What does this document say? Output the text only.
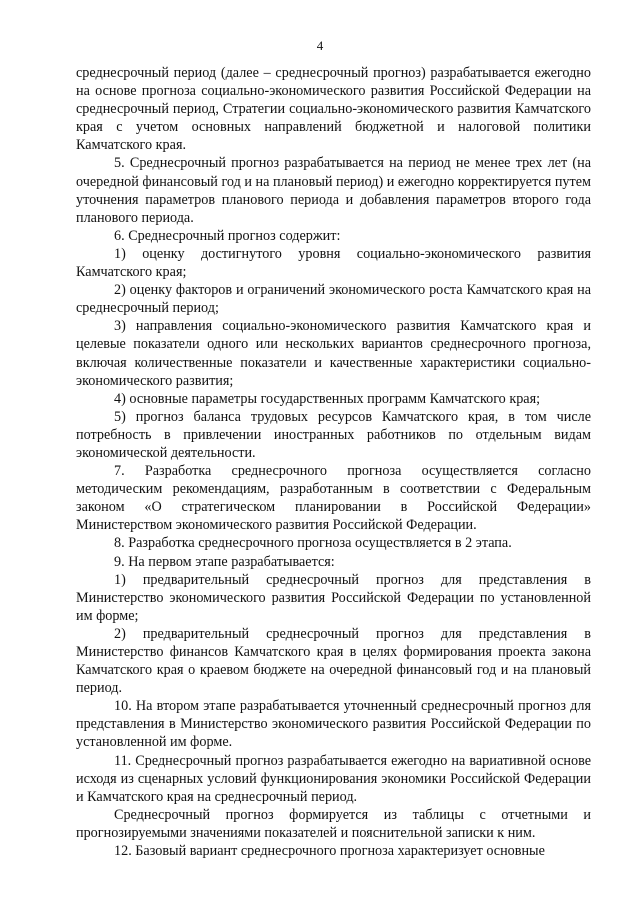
4

среднесрочный период (далее – среднесрочный прогноз) разрабатывается ежегодно на основе прогноза социально-экономического развития Российской Федерации на среднесрочный период, Стратегии социально-экономического развития Камчатского края с учетом основных направлений бюджетной и налоговой политики Камчатского края.

5. Среднесрочный прогноз разрабатывается на период не менее трех лет (на очередной финансовый год и на плановый период) и ежегодно корректируется путем уточнения параметров планового периода и добавления параметров второго года планового периода.

6. Среднесрочный прогноз содержит:

1) оценку достигнутого уровня социально-экономического развития Камчатского края;

2) оценку факторов и ограничений экономического роста Камчатского края на среднесрочный период;

3) направления социально-экономического развития Камчатского края и целевые показатели одного или нескольких вариантов среднесрочного прогноза, включая количественные показатели и качественные характеристики социально-экономического развития;

4) основные параметры государственных программ Камчатского края;

5) прогноз баланса трудовых ресурсов Камчатского края, в том числе потребность в привлечении иностранных работников по отдельным видам экономической деятельности.

7. Разработка среднесрочного прогноза осуществляется согласно методическим рекомендациям, разработанным в соответствии с Федеральным законом «О стратегическом планировании в Российской Федерации» Министерством экономического развития Российской Федерации.

8. Разработка среднесрочного прогноза осуществляется в 2 этапа.

9. На первом этапе разрабатывается:

1) предварительный среднесрочный прогноз для представления в Министерство экономического развития Российской Федерации по установленной им форме;

2) предварительный среднесрочный прогноз для представления в Министерство финансов Камчатского края в целях формирования проекта закона Камчатского края о краевом бюджете на очередной финансовый год и на плановый период.

10. На втором этапе разрабатывается уточненный среднесрочный прогноз для представления в Министерство экономического развития Российской Федерации по установленной им форме.

11. Среднесрочный прогноз разрабатывается ежегодно на вариативной основе исходя из сценарных условий функционирования экономики Российской Федерации и Камчатского края на среднесрочный период.

Среднесрочный прогноз формируется из таблицы с отчетными и прогнозируемыми значениями показателей и пояснительной записки к ним.

12. Базовый вариант среднесрочного прогноза характеризует основные
